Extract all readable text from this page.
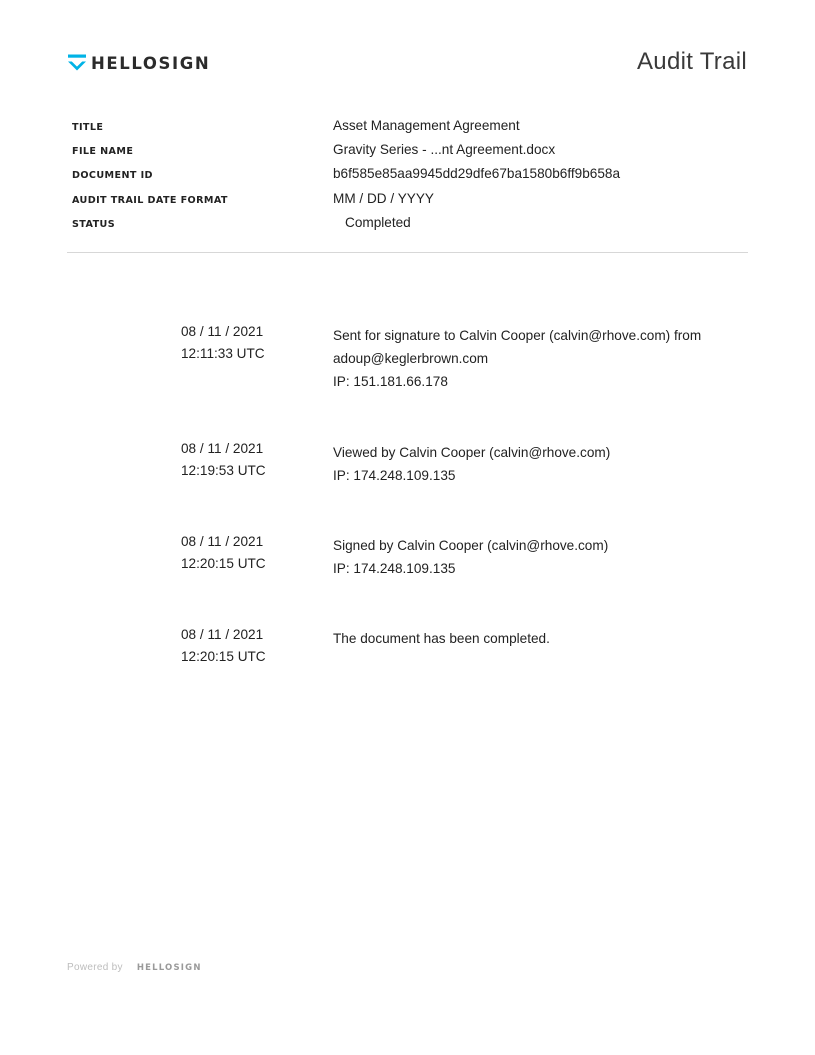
HELLOSIGN	Audit Trail
TITLE	Asset Management Agreement
FILE NAME	Gravity Series - ...nt Agreement.docx
DOCUMENT ID	b6f585e85aa9945dd29dfe67ba1580b6ff9b658a
AUDIT TRAIL DATE FORMAT	MM / DD / YYYY
STATUS	Completed
08 / 11 / 2021
12:11:33 UTC
Sent for signature to Calvin Cooper (calvin@rhove.com) from
adoup@keglerbrown.com
IP: 151.181.66.178
08 / 11 / 2021
12:19:53 UTC
Viewed by Calvin Cooper (calvin@rhove.com)
IP: 174.248.109.135
08 / 11 / 2021
12:20:15 UTC
Signed by Calvin Cooper (calvin@rhove.com)
IP: 174.248.109.135
08 / 11 / 2021
12:20:15 UTC
The document has been completed.
Powered by HELLOSIGN
